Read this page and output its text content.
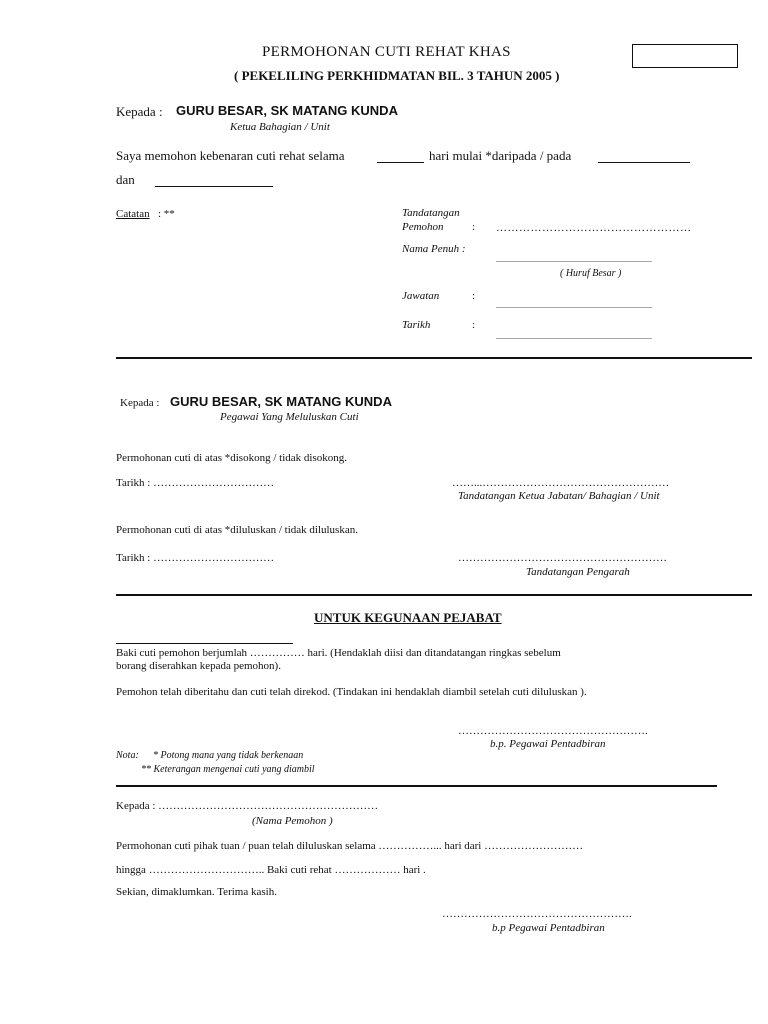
PERMOHONAN CUTI REHAT KHAS
( PEKELILING PERKHIDMATAN BIL. 3 TAHUN 2005 )
Kepada : GURU BESAR, SK MATANG KUNDA
Ketua Bahagian / Unit
Saya memohon kebenaran cuti rehat selama	hari mulai *daripada / pada
dan
Catatan : **	Tandatangan
Pemohon	: ……………………………………………
Nama Penuh :
..............................................................................
( Huruf Besar )
Jawatan	:
..............................................................................
Tarikh	:
..............................................................................
Kepada : GURU BESAR, SK MATANG KUNDA
Pegawai Yang Meluluskan Cuti
Permohonan cuti di atas *disokong / tidak disokong.
Tarikh : ……………………………	……...……………………………………………
Tandatangan Ketua Jabatan/ Bahagian / Unit
Permohonan cuti di atas *diluluskan / tidak diluluskan.
Tarikh : ……………………………	…………………………………………………
Tandatangan Pengarah
UNTUK KEGUNAAN PEJABAT
Baki cuti pemohon berjumlah …………… hari. (Hendaklah diisi dan ditandatangan ringkas sebelum
borang diserahkan kepada pemohon).
Pemohon telah diberitahu dan cuti telah direkod. (Tindakan ini hendaklah diambil setelah cuti diluluskan ).
…………………………………………….
b.p. Pegawai Pentadbiran
Nota: * Potong mana yang tidak berkenaan
** Keterangan mengenai cuti yang diambil
Kepada : ……………………………………………………
(Nama Pemohon )
Permohonan cuti pihak tuan / puan telah diluluskan selama ……………... hari dari ………………………
hingga ………………………….. Baki cuti rehat ……………… hari .
Sekian, dimaklumkan. Terima kasih.
…………………………………………….
b.p Pegawai Pentadbiran
